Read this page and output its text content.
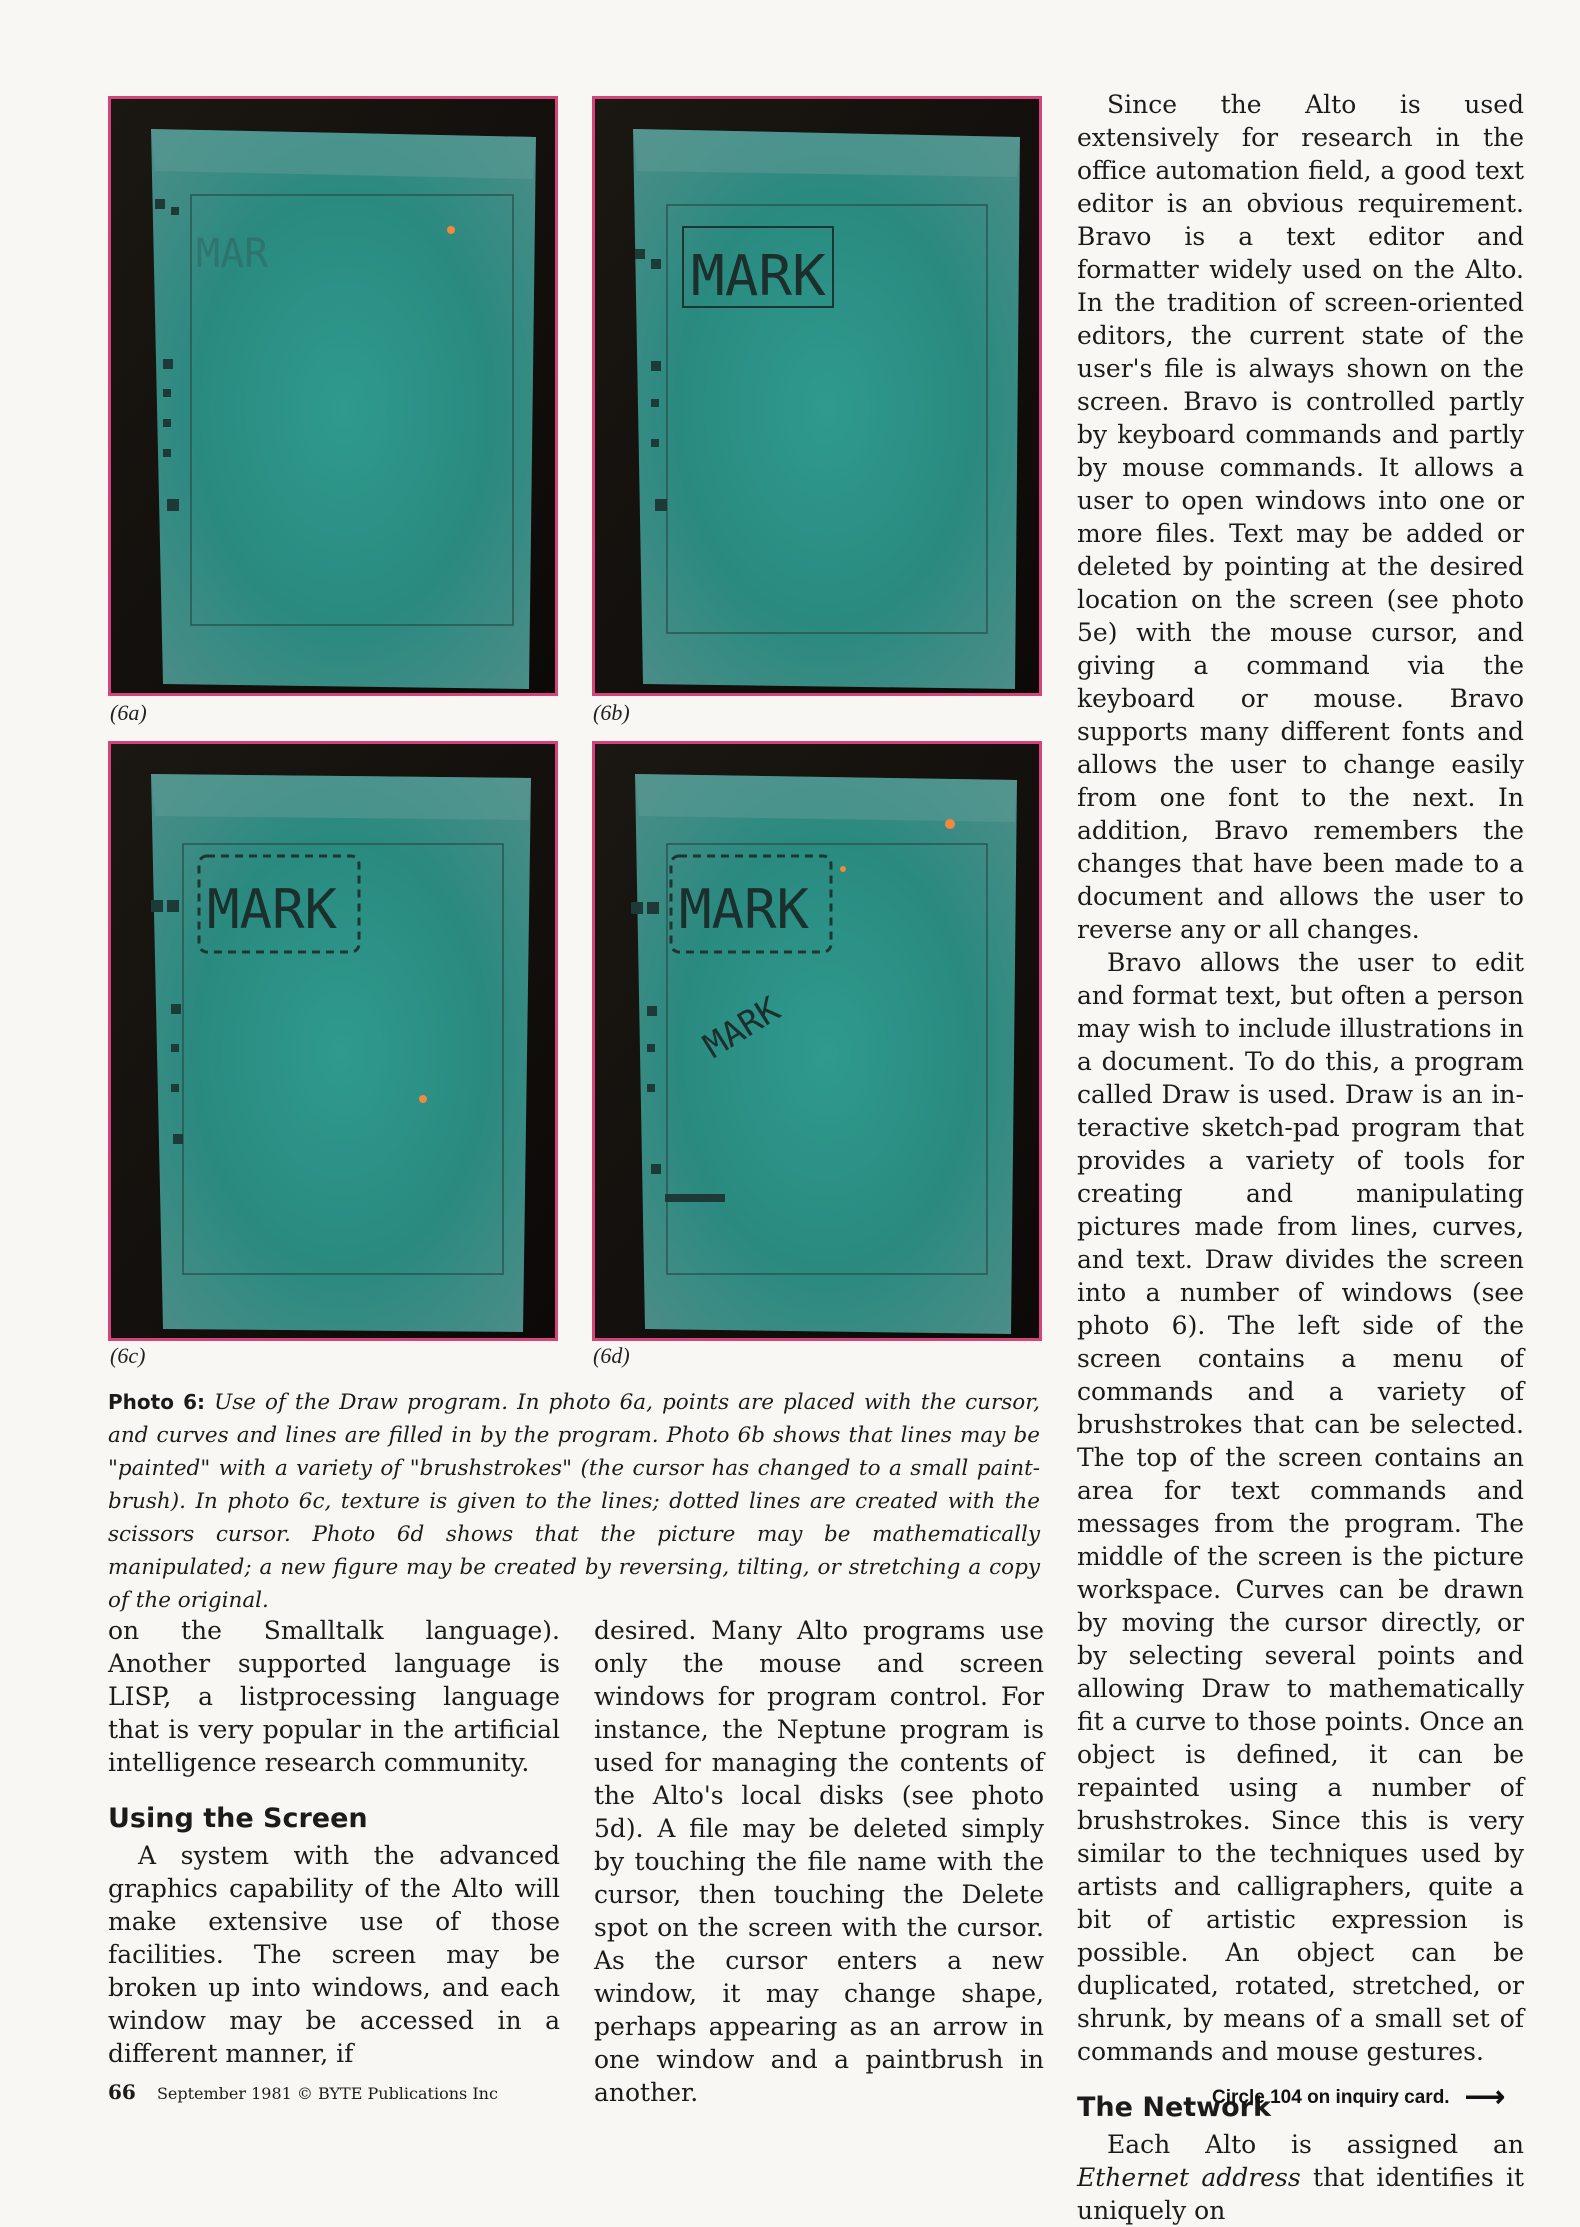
MAR
(6a)
MARK
(6b)
MARK
(6c)
MARK
MARK
(6d)
Photo 6: Use of the Draw program. In photo 6a, points are placed with the cursor, and curves and lines are filled in by the program. Photo 6b shows that lines may be "painted" with a variety of "brushstrokes" (the cursor has changed to a small paint-brush). In photo 6c, texture is given to the lines; dotted lines are created with the scissors cursor. Photo 6d shows that the picture may be mathematically manipulated; a new figure may be created by reversing, tilting, or stretching a copy of the original.

on the Smalltalk language). Another supported language is LISP, a listprocessing language that is very popular in the artificial intelligence research community.

Using the Screen

A system with the advanced graphics capability of the Alto will make extensive use of those facilities. The screen may be broken up into windows, and each window may be accessed in a different manner, if

desired. Many Alto programs use only the mouse and screen windows for program control. For instance, the Neptune program is used for managing the contents of the Alto's local disks (see photo 5d). A file may be deleted simply by touching the file name with the cursor, then touching the Delete spot on the screen with the cursor. As the cursor enters a new window, it may change shape, perhaps appearing as an arrow in one window and a paintbrush in another.

Since the Alto is used extensively for research in the office automation field, a good text editor is an obvious requirement. Bravo is a text editor and formatter widely used on the Alto. In the tradition of screen-oriented editors, the current state of the user's file is always shown on the screen. Bravo is controlled partly by keyboard commands and partly by mouse commands. It allows a user to open windows into one or more files. Text may be added or deleted by pointing at the desired location on the screen (see photo 5e) with the mouse cursor, and giving a command via the keyboard or mouse. Bravo supports many different fonts and allows the user to change easily from one font to the next. In addition, Bravo remembers the changes that have been made to a document and allows the user to reverse any or all changes.

Bravo allows the user to edit and format text, but often a person may wish to include illustrations in a document. To do this, a program called Draw is used. Draw is an interactive sketch-pad program that provides a variety of tools for creating and manipulating pictures made from lines, curves, and text. Draw divides the screen into a number of windows (see photo 6). The left side of the screen contains a menu of commands and a variety of brushstrokes that can be selected. The top of the screen contains an area for text commands and messages from the program. The middle of the screen is the picture workspace. Curves can be drawn by moving the cursor directly, or by selecting several points and allowing Draw to mathematically fit a curve to those points. Once an object is defined, it can be repainted using a number of brushstrokes. Since this is very similar to the techniques used by artists and calligraphers, quite a bit of artistic expression is possible. An object can be duplicated, rotated, stretched, or shrunk, by means of a small set of commands and mouse gestures.

The Network

Each Alto is assigned an Ethernet address that identifies it uniquely on

66 September 1981 © BYTE Publications Inc	Circle 104 on inquiry card. ⟶
